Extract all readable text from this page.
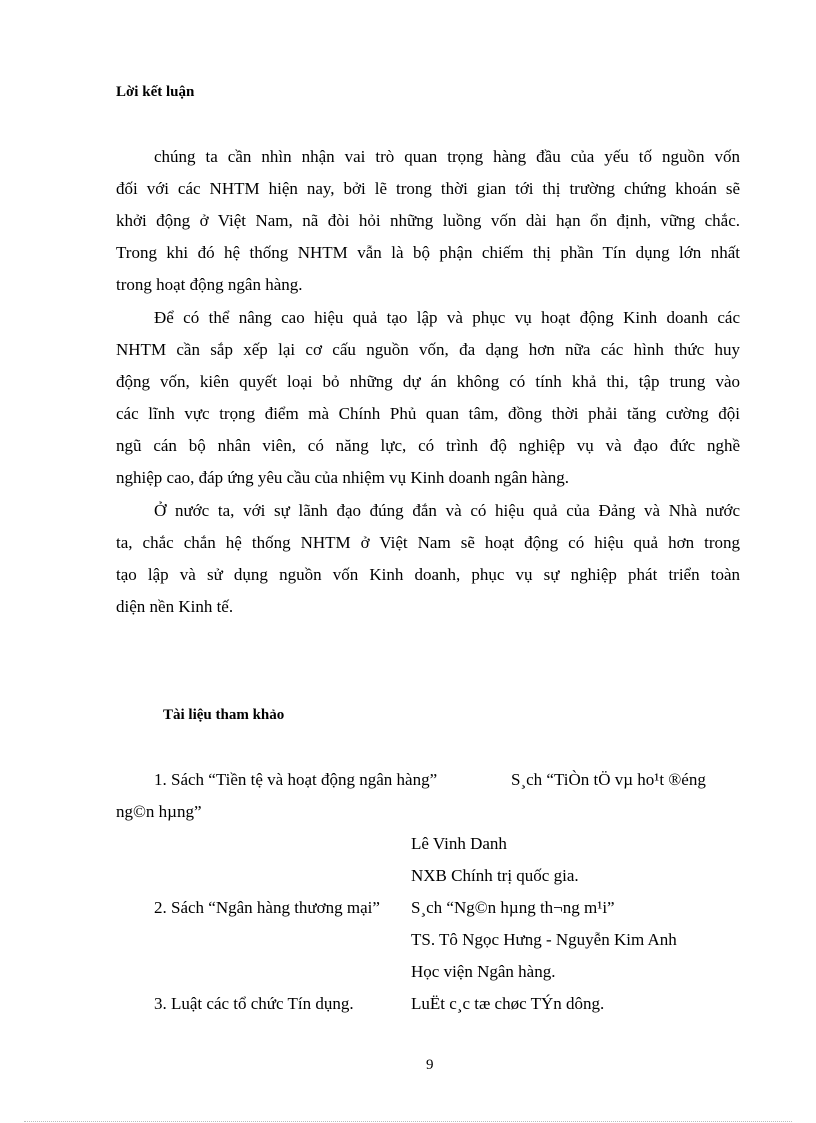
Lời kết luận
chúng ta cần nhìn nhận vai trò quan trọng hàng đầu của yếu tố nguồn vốn
đối với các NHTM hiện nay, bởi lẽ trong thời gian tới thị trường chứng khoán sẽ
khởi động ở Việt Nam, nã đòi hỏi những luồng vốn dài hạn ổn định, vững chắc.
Trong khi đó hệ thống NHTM vẫn là bộ phận chiếm thị phần Tín dụng lớn nhất
trong hoạt động ngân hàng.
Để có thể nâng cao hiệu quả tạo lập và phục vụ hoạt động Kinh doanh các
NHTM cần sắp xếp lại cơ cấu nguồn vốn, đa dạng hơn nữa các hình thức huy
động vốn, kiên quyết loại bỏ những dự án không có tính khả thi, tập trung vào
các lĩnh vực trọng điểm mà Chính Phủ quan tâm, đồng thời phải tăng cường đội
ngũ cán bộ nhân viên, có năng lực, có trình độ nghiệp vụ và đạo đức nghề
nghiệp cao, đáp ứng yêu cầu của nhiệm vụ Kinh doanh ngân hàng.
Ở nước ta, với sự lãnh đạo đúng đắn và có hiệu quả của Đảng và Nhà nước
ta, chắc chắn hệ thống NHTM ở Việt Nam sẽ hoạt động có hiệu quả hơn trong
tạo lập và sử dụng nguồn vốn Kinh doanh, phục vụ sự nghiệp phát triển toàn
diện nền Kinh tế.
Tài liệu tham khảo
1. Sách “Tiền tệ và hoạt động ngân hàng”	S¸ch “TiÒn tÖ vµ ho¹t ®éng
ng©n hµng”
Lê Vinh Danh
NXB Chính trị quốc gia.
2. Sách “Ngân hàng thương mại” S¸ch “Ng©n hµng th¬ng m¹i”
TS. Tô Ngọc Hưng - Nguyễn Kim Anh
Học viện Ngân hàng.
3. Luật các tổ chức Tín dụng.	LuËt c¸c tæ chøc TÝn dông.
9
